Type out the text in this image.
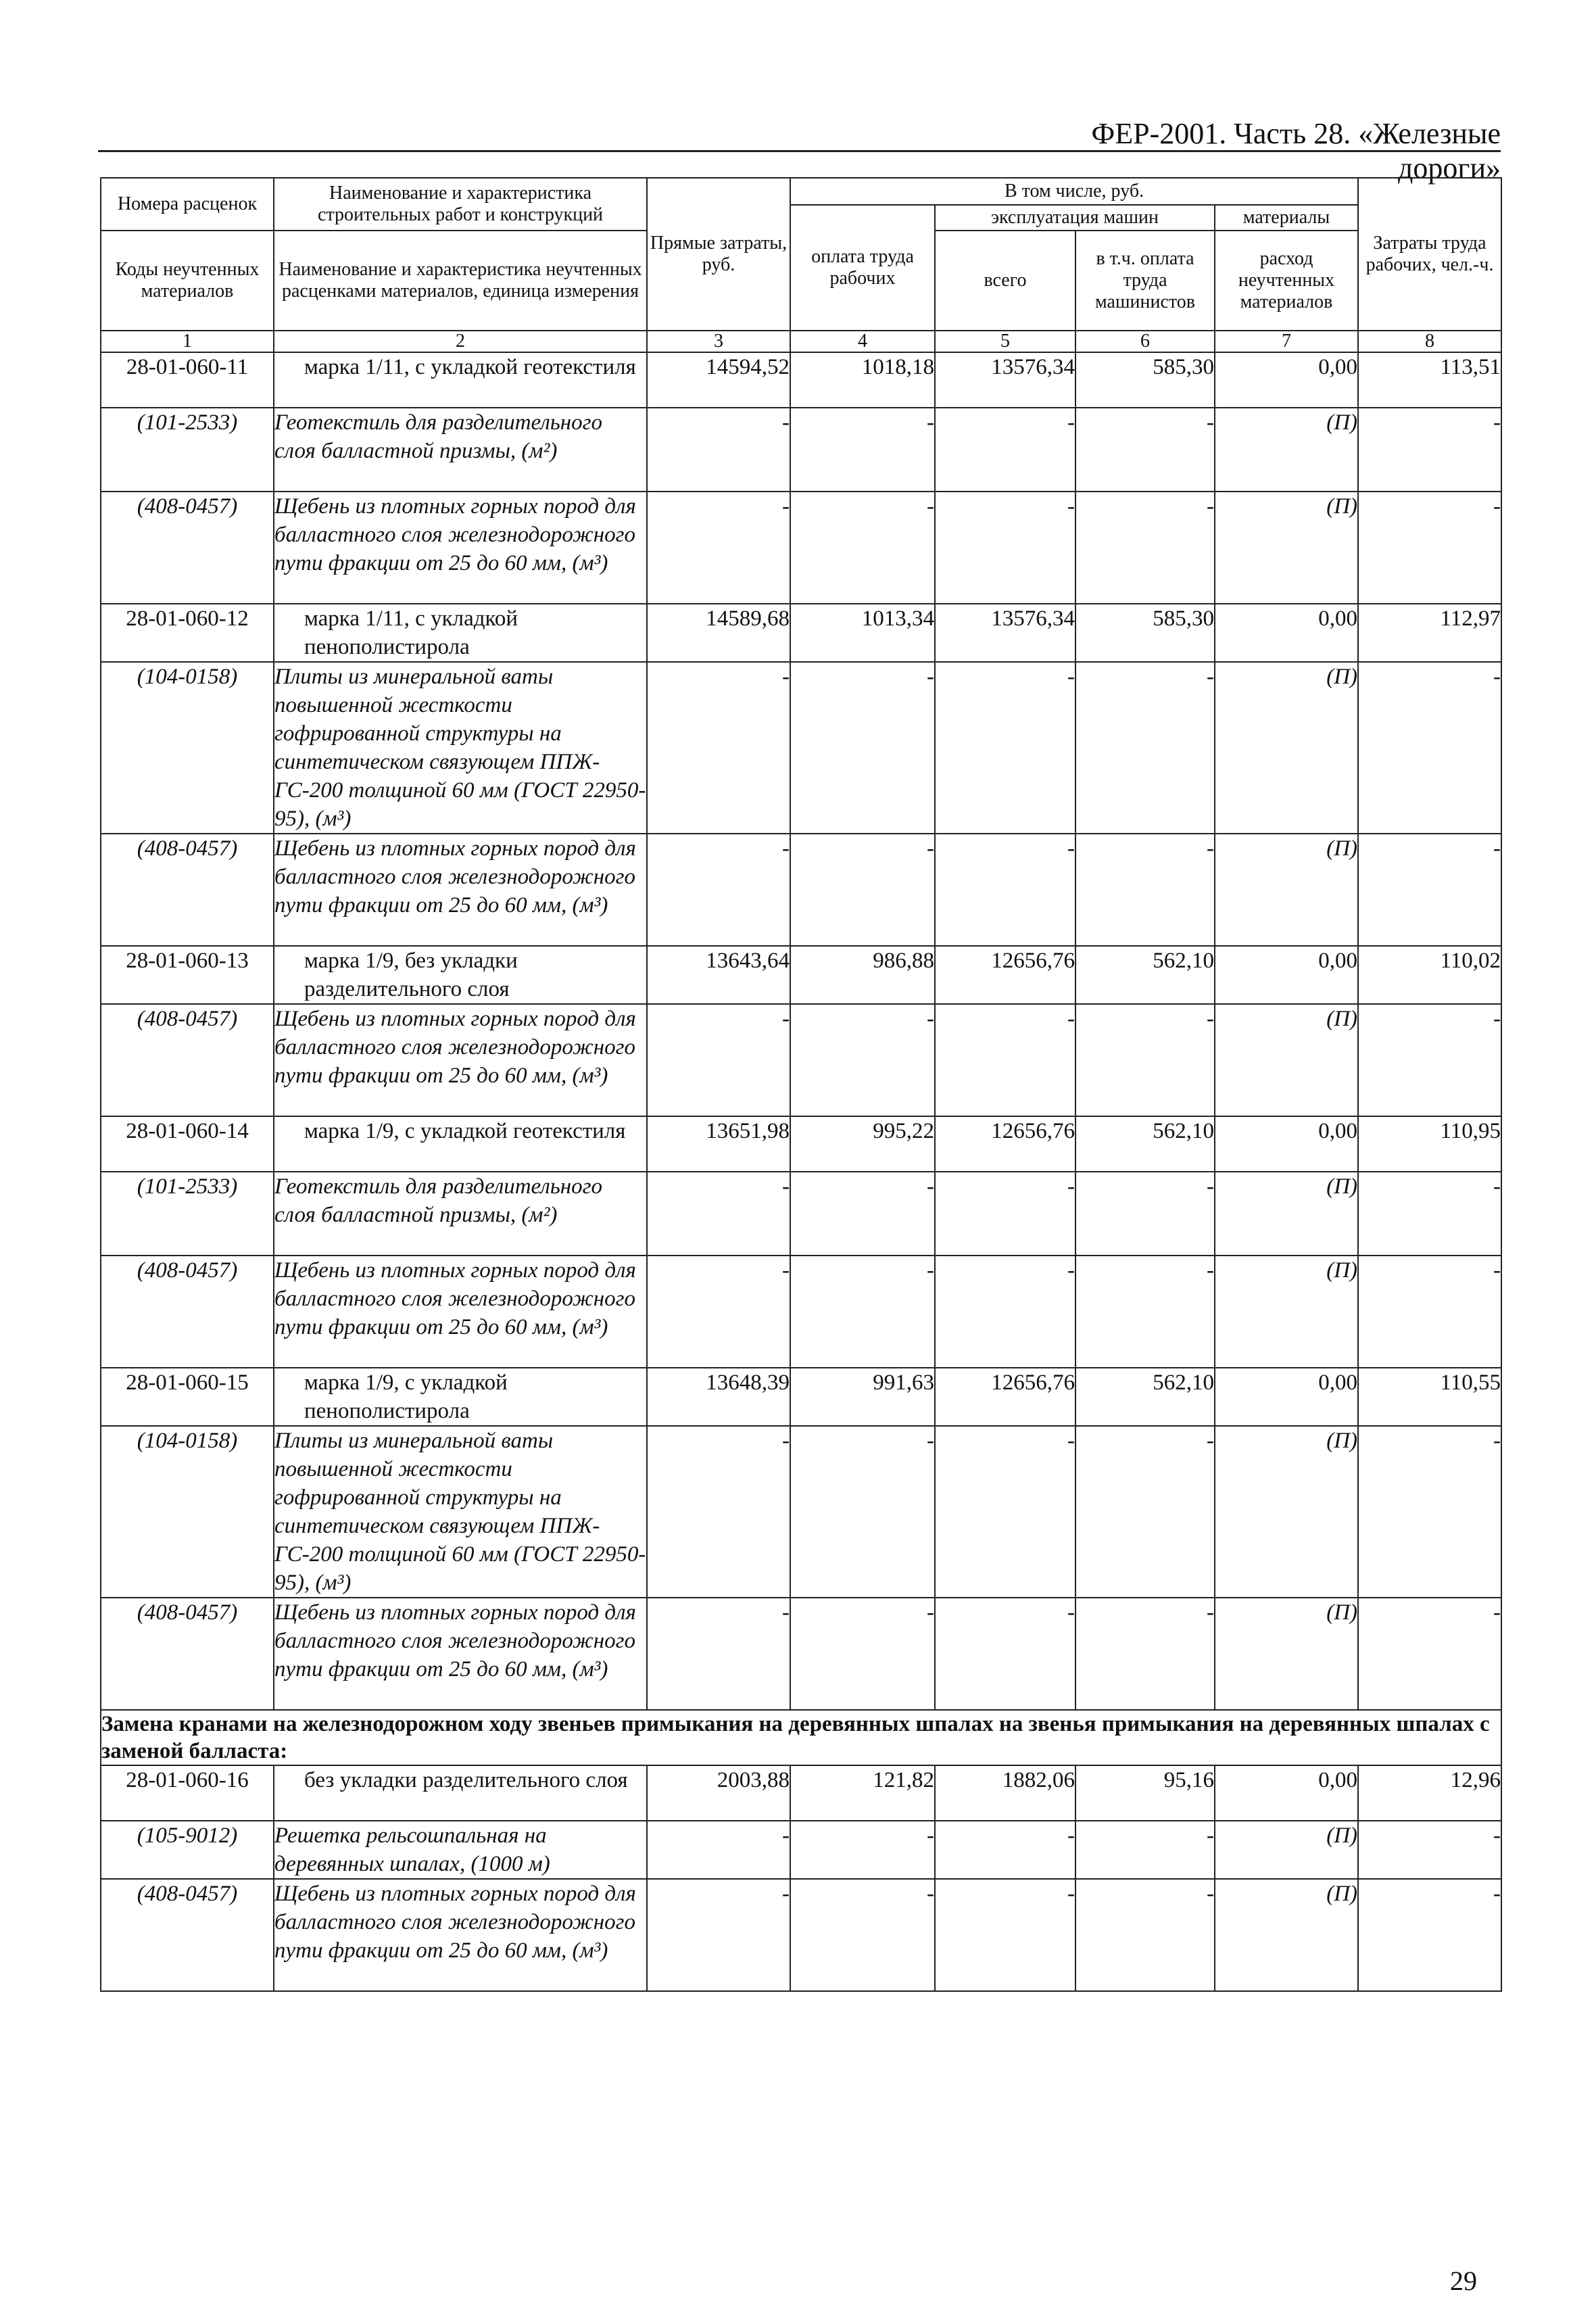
ФЕР-2001. Часть 28. «Железные дороги»
Номера расценок	Наименование и характеристика строительных работ и конструкций	Прямые затраты, руб.	В том числе, руб.				Затраты труда рабочих, чел.-ч.
			оплата труда рабочих	эксплуатация машин		материалы	
Коды неучтенных материалов	Наименование и характеристика неучтенных расценками материалов, единица измерения			всего	в т.ч. оплата труда машинистов	расход неучтенных материалов	
1	2	3	4	5	6	7	8
28-01-060-11	марка 1/11, с укладкой геотекстиля	14594,52	1018,18	13576,34	585,30	0,00	113,51
(101-2533)	Геотекстиль для разделительного слоя балластной призмы, (м²)	-	-	-	-	(П)	-
(408-0457)	Щебень из плотных горных пород для балластного слоя железнодорожного пути фракции от 25 до 60 мм, (м³)	-	-	-	-	(П)	-
28-01-060-12	марка 1/11, с укладкой пенополистирола	14589,68	1013,34	13576,34	585,30	0,00	112,97
(104-0158)	Плиты из минеральной ваты повышенной жесткости гофрированной структуры на синтетическом связующем ППЖ-ГС-200 толщиной 60 мм (ГОСТ 22950-95), (м³)	-	-	-	-	(П)	-
(408-0457)	Щебень из плотных горных пород для балластного слоя железнодорожного пути фракции от 25 до 60 мм, (м³)	-	-	-	-	(П)	-
28-01-060-13	марка 1/9, без укладки разделительного слоя	13643,64	986,88	12656,76	562,10	0,00	110,02
(408-0457)	Щебень из плотных горных пород для балластного слоя железнодорожного пути фракции от 25 до 60 мм, (м³)	-	-	-	-	(П)	-
28-01-060-14	марка 1/9, с укладкой геотекстиля	13651,98	995,22	12656,76	562,10	0,00	110,95
(101-2533)	Геотекстиль для разделительного слоя балластной призмы, (м²)	-	-	-	-	(П)	-
(408-0457)	Щебень из плотных горных пород для балластного слоя железнодорожного пути фракции от 25 до 60 мм, (м³)	-	-	-	-	(П)	-
28-01-060-15	марка 1/9, с укладкой пенополистирола	13648,39	991,63	12656,76	562,10	0,00	110,55
(104-0158)	Плиты из минеральной ваты повышенной жесткости гофрированной структуры на синтетическом связующем ППЖ-ГС-200 толщиной 60 мм (ГОСТ 22950-95), (м³)	-	-	-	-	(П)	-
(408-0457)	Щебень из плотных горных пород для балластного слоя железнодорожного пути фракции от 25 до 60 мм, (м³)	-	-	-	-	(П)	-
Замена кранами на железнодорожном ходу звеньев примыкания на деревянных шпалах на звенья примыкания на деревянных шпалах с заменой балласта:							
28-01-060-16	без укладки разделительного слоя	2003,88	121,82	1882,06	95,16	0,00	12,96
(105-9012)	Решетка рельсошпальная на деревянных шпалах, (1000 м)	-	-	-	-	(П)	-
(408-0457)	Щебень из плотных горных пород для балластного слоя железнодорожного пути фракции от 25 до 60 мм, (м³)	-	-	-	-	(П)	-
29
